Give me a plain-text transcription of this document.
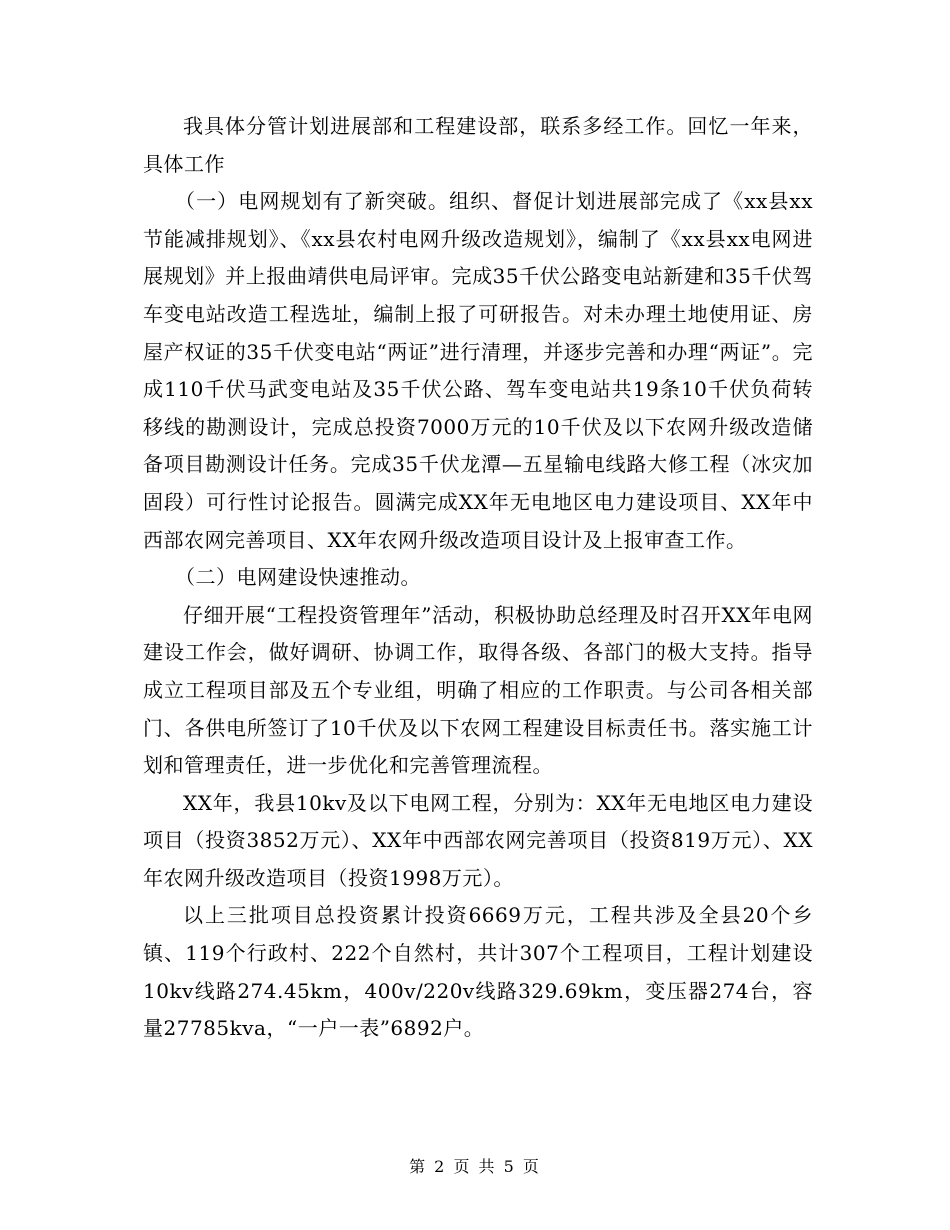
我具体分管计划进展部和工程建设部，联系多经工作。回忆一年来，具体工作

（一）电网规划有了新突破。组织、督促计划进展部完成了《xx县xx节能减排规划》、《xx县农村电网升级改造规划》，编制了《xx县xx电网进展规划》并上报曲靖供电局评审。完成35千伏公路变电站新建和35千伏驾车变电站改造工程选址，编制上报了可研报告。对未办理土地使用证、房屋产权证的35千伏变电站“两证”进行清理，并逐步完善和办理“两证”。完成110千伏马武变电站及35千伏公路、驾车变电站共19条10千伏负荷转移线的勘测设计，完成总投资7000万元的10千伏及以下农网升级改造储备项目勘测设计任务。完成35千伏龙潭—五星输电线路大修工程（冰灾加固段）可行性讨论报告。圆满完成XX年无电地区电力建设项目、XX年中西部农网完善项目、XX年农网升级改造项目设计及上报审查工作。

（二）电网建设快速推动。

仔细开展“工程投资管理年”活动，积极协助总经理及时召开XX年电网建设工作会，做好调研、协调工作，取得各级、各部门的极大支持。指导成立工程项目部及五个专业组，明确了相应的工作职责。与公司各相关部门、各供电所签订了10千伏及以下农网工程建设目标责任书。落实施工计划和管理责任，进一步优化和完善管理流程。

XX年，我县10kv及以下电网工程，分别为：XX年无电地区电力建设项目（投资3852万元）、XX年中西部农网完善项目（投资819万元）、XX年农网升级改造项目（投资1998万元）。

以上三批项目总投资累计投资6669万元，工程共涉及全县20个乡镇、119个行政村、222个自然村，共计307个工程项目，工程计划建设10kv线路274.45km，400v/220v线路329.69km，变压器274台，容量27785kva，“一户一表”6892户。

第 2 页 共 5 页
